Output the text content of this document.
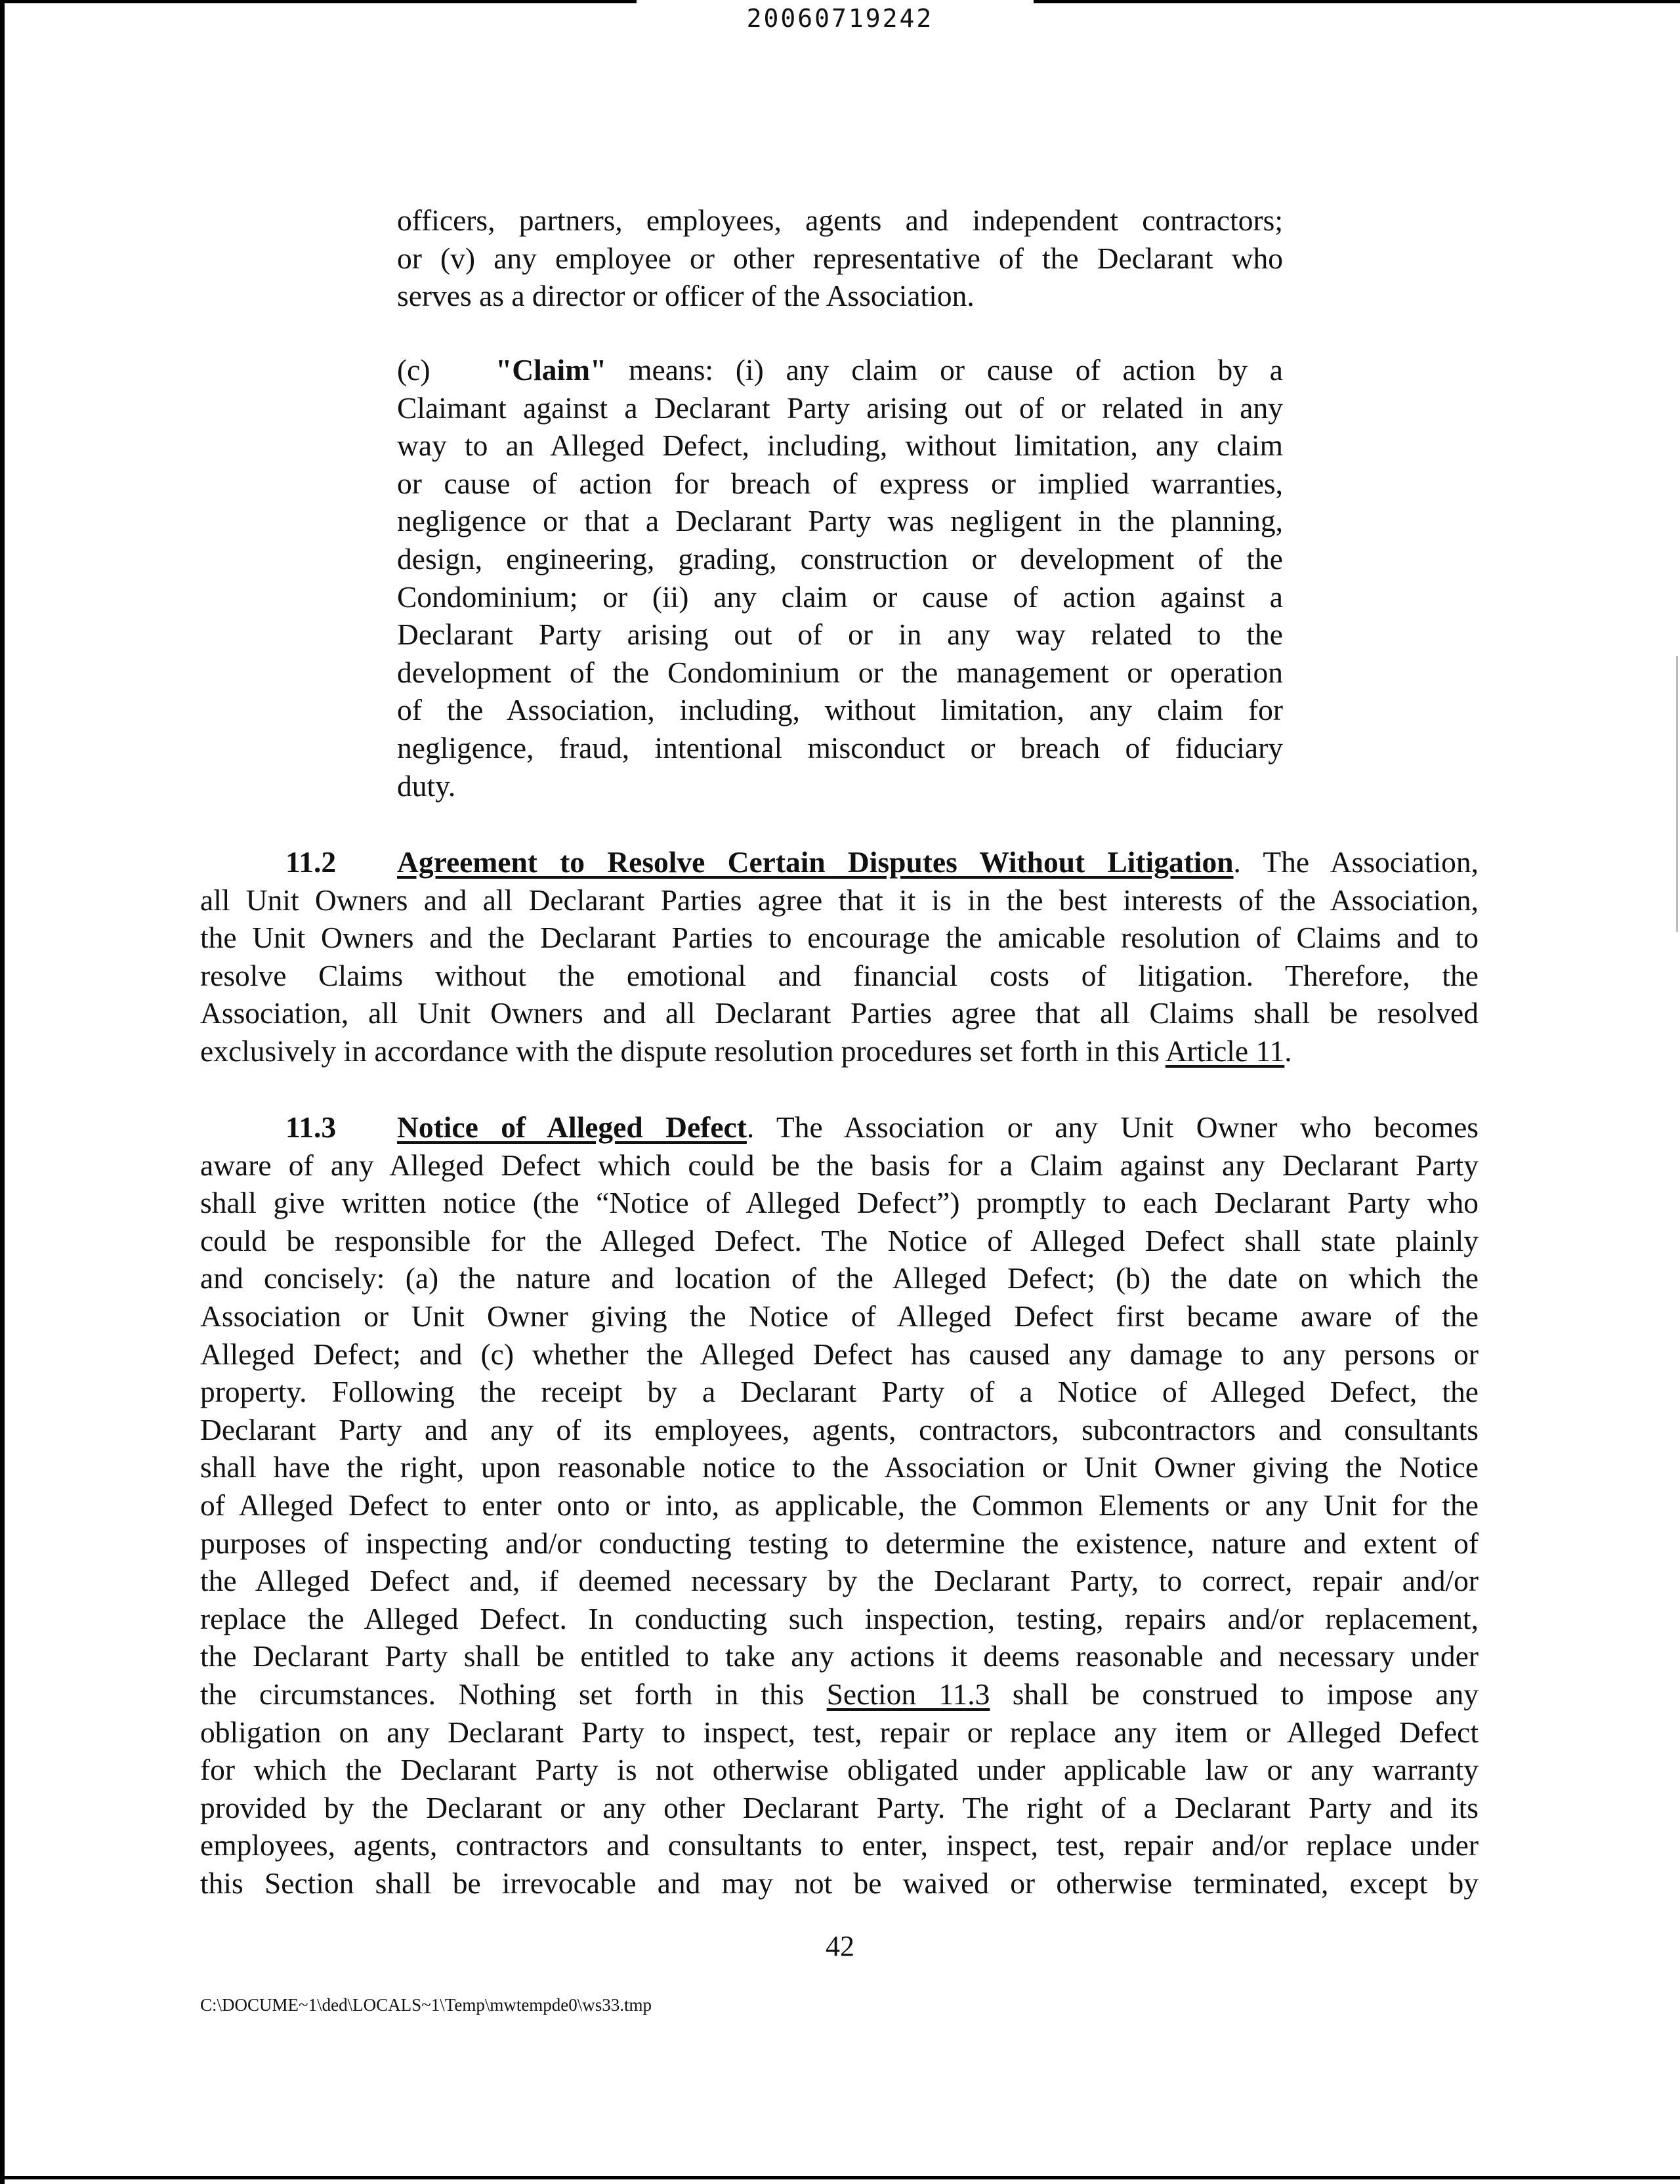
20060719242
officers, partners, employees, agents and independent contractors;
or (v) any employee or other representative of the Declarant who
serves as a director or officer of the Association.
(c) "Claim" means: (i) any claim or cause of action by a
Claimant against a Declarant Party arising out of or related in any
way to an Alleged Defect, including, without limitation, any claim
or cause of action for breach of express or implied warranties,
negligence or that a Declarant Party was negligent in the planning,
design, engineering, grading, construction or development of the
Condominium; or (ii) any claim or cause of action against a
Declarant Party arising out of or in any way related to the
development of the Condominium or the management or operation
of the Association, including, without limitation, any claim for
negligence, fraud, intentional misconduct or breach of fiduciary
duty.
11.2 Agreement to Resolve Certain Disputes Without Litigation. The Association,
all Unit Owners and all Declarant Parties agree that it is in the best interests of the Association,
the Unit Owners and the Declarant Parties to encourage the amicable resolution of Claims and to
resolve Claims without the emotional and financial costs of litigation. Therefore, the
Association, all Unit Owners and all Declarant Parties agree that all Claims shall be resolved
exclusively in accordance with the dispute resolution procedures set forth in this Article 11.
11.3 Notice of Alleged Defect. The Association or any Unit Owner who becomes
aware of any Alleged Defect which could be the basis for a Claim against any Declarant Party
shall give written notice (the “Notice of Alleged Defect”) promptly to each Declarant Party who
could be responsible for the Alleged Defect. The Notice of Alleged Defect shall state plainly
and concisely: (a) the nature and location of the Alleged Defect; (b) the date on which the
Association or Unit Owner giving the Notice of Alleged Defect first became aware of the
Alleged Defect; and (c) whether the Alleged Defect has caused any damage to any persons or
property. Following the receipt by a Declarant Party of a Notice of Alleged Defect, the
Declarant Party and any of its employees, agents, contractors, subcontractors and consultants
shall have the right, upon reasonable notice to the Association or Unit Owner giving the Notice
of Alleged Defect to enter onto or into, as applicable, the Common Elements or any Unit for the
purposes of inspecting and/or conducting testing to determine the existence, nature and extent of
the Alleged Defect and, if deemed necessary by the Declarant Party, to correct, repair and/or
replace the Alleged Defect. In conducting such inspection, testing, repairs and/or replacement,
the Declarant Party shall be entitled to take any actions it deems reasonable and necessary under
the circumstances. Nothing set forth in this Section 11.3 shall be construed to impose any
obligation on any Declarant Party to inspect, test, repair or replace any item or Alleged Defect
for which the Declarant Party is not otherwise obligated under applicable law or any warranty
provided by the Declarant or any other Declarant Party. The right of a Declarant Party and its
employees, agents, contractors and consultants to enter, inspect, test, repair and/or replace under
this Section shall be irrevocable and may not be waived or otherwise terminated, except by
42
C:\DOCUME~1\ded\LOCALS~1\Temp\mwtempde0\ws33.tmp
